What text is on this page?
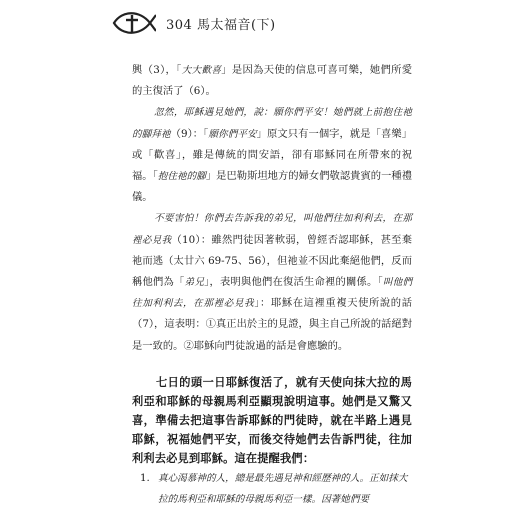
304 馬太福音(下)

興（3），「大大歡喜」是因為天使的信息可喜可樂，她們所愛的主復活了（6）。

忽然，耶穌遇見她們，說：願你們平安！她們就上前抱住祂的腳拜祂（9）：「願你們平安」原文只有一個字，就是「喜樂」或「歡喜」，雖是傳統的問安語，卻有耶穌同在所帶來的祝福。「抱住祂的腳」是巴勒斯坦地方的婦女們敬認貴賓的一種禮儀。

不要害怕！你們去告訴我的弟兄，叫他們往加利利去，在那裡必見我（10）：雖然門徒因著軟弱，曾經否認耶穌，甚至棄祂而逃（太廿六 69-75、56），但祂並不因此棄絕他們，反而稱他們為「弟兄」，表明與他們在復活生命裡的關係。「叫他們往加利利去，在那裡必見我」：耶穌在這裡重複天使所說的話（7），這表明：①真正出於主的見證，與主自己所說的話絕對是一致的。②耶穌向門徒說過的話是會應驗的。

七日的頭一日耶穌復活了，就有天使向抹大拉的馬利亞和耶穌的母親馬利亞顯現說明這事。她們是又驚又喜，準備去把這事告訴耶穌的門徒時，就在半路上遇見耶穌，祝福她們平安，而後交待她們去告訴門徒，往加利利去必見到耶穌。這在提醒我們：

1. 真心渴慕神的人，總是最先遇見神和經歷神的人。正如抹大拉的馬利亞和耶穌的母親馬利亞一樣。因著她們要
